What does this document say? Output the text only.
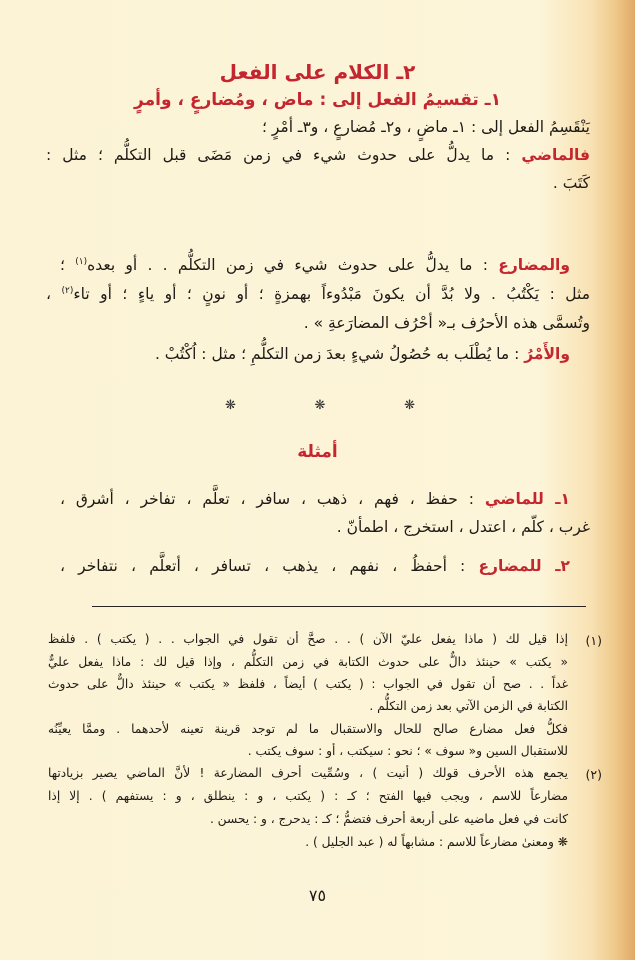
٢ـ الكلام على الفعل
١ـ تقسيمُ الفعل إلى : ماض ، ومُضارعٍ ، وأمرٍ
يَنْقَسِمُ الفعل إلى : ١ـ ماضٍ ، و٢ـ مُضارعٍ ، و٣ـ أمْرٍ ؛
فالماضي : ما يدلُّ على حدوث شيء في زمن مَضَى قبل التكلُّم ؛ مثل :
كَتَبَ .
والمضارع : ما يدلُّ على حدوث شيء في زمن التكلُّم . . أو بعده$^{(١)}$ ؛
مثل : يَكْتُبُ . ولا بُدَّ أن يكونَ مَبْدُوءاً بهمزةٍ ؛ أو نونٍ ؛ أو ياءٍ ؛ أو تاء$^{(٢)}$ ،
وتُسمَّى هذه الأحرُف بـ« أحْرُف المضارَعةِ » .
والأَمْرُ : ما يُطْلَب به حُصُولُ شيءٍ بعدَ زمن التكلُّمِ ؛ مثل : اُكْتُبْ .
❋	❋	❋
أمثلة
١ـ للماضي : حفظ ، فهم ، ذهب ، سافر ، تعلَّم ، تفاخر ، أشرق ،
غرب ، كلّم ، اعتدل ، استخرج ، اطمأنّ .
٢ـ للمضارع : أحفظُ ، نفهم ، يذهب ، تسافر ، أتعلَّم ، نتفاخر ،
(١)
إذا قيل لك ( ماذا يفعل عليّ الآن ) . . صحَّ أن تقول في الجواب . . ( يكتب ) . فلفظ
« يكتب » حينئذ دالٌّ على حدوث الكتابة في زمن التكلُّم ، وإذا قيل لك : ماذا يفعل عليٌّ
غداً . . صح أن تقول في الجواب : ( يكتب ) أيضاً ، فلفظ « يكتب » حينئذ دالٌّ على حدوث
الكتابة في الزمن الآتي بعد زمن التكلُّم .
فكلُّ فعل مضارع صالح للحال والاستقبال ما لم توجد قرينة تعينه لأحدهما . وممَّا يعيِّنُه
للاستقبال السين و« سوف » ؛ نحو : سيكتب ، أو : سوف يكتب .
(٢)
يجمع هذه الأحرف قولك ( أنيت ) ، وسُمِّيت أحرف المضارعة ! لأنَّ الماضي يصير بزيادتها
مضارعاً للاسم ، ويجب فيها الفتح ؛ كـ : ( يكتب ، و : ينطلق ، و : يستفهم ) . إلا إذا
كانت في فعل ماضيه على أربعة أحرف فتضمُّ ؛ كـ : يدحرج ، و : يحسن .
❋ ومعنىٰ مضارعاً للاسم : مشابهاً له ( عبد الجليل ) .
٧٥
